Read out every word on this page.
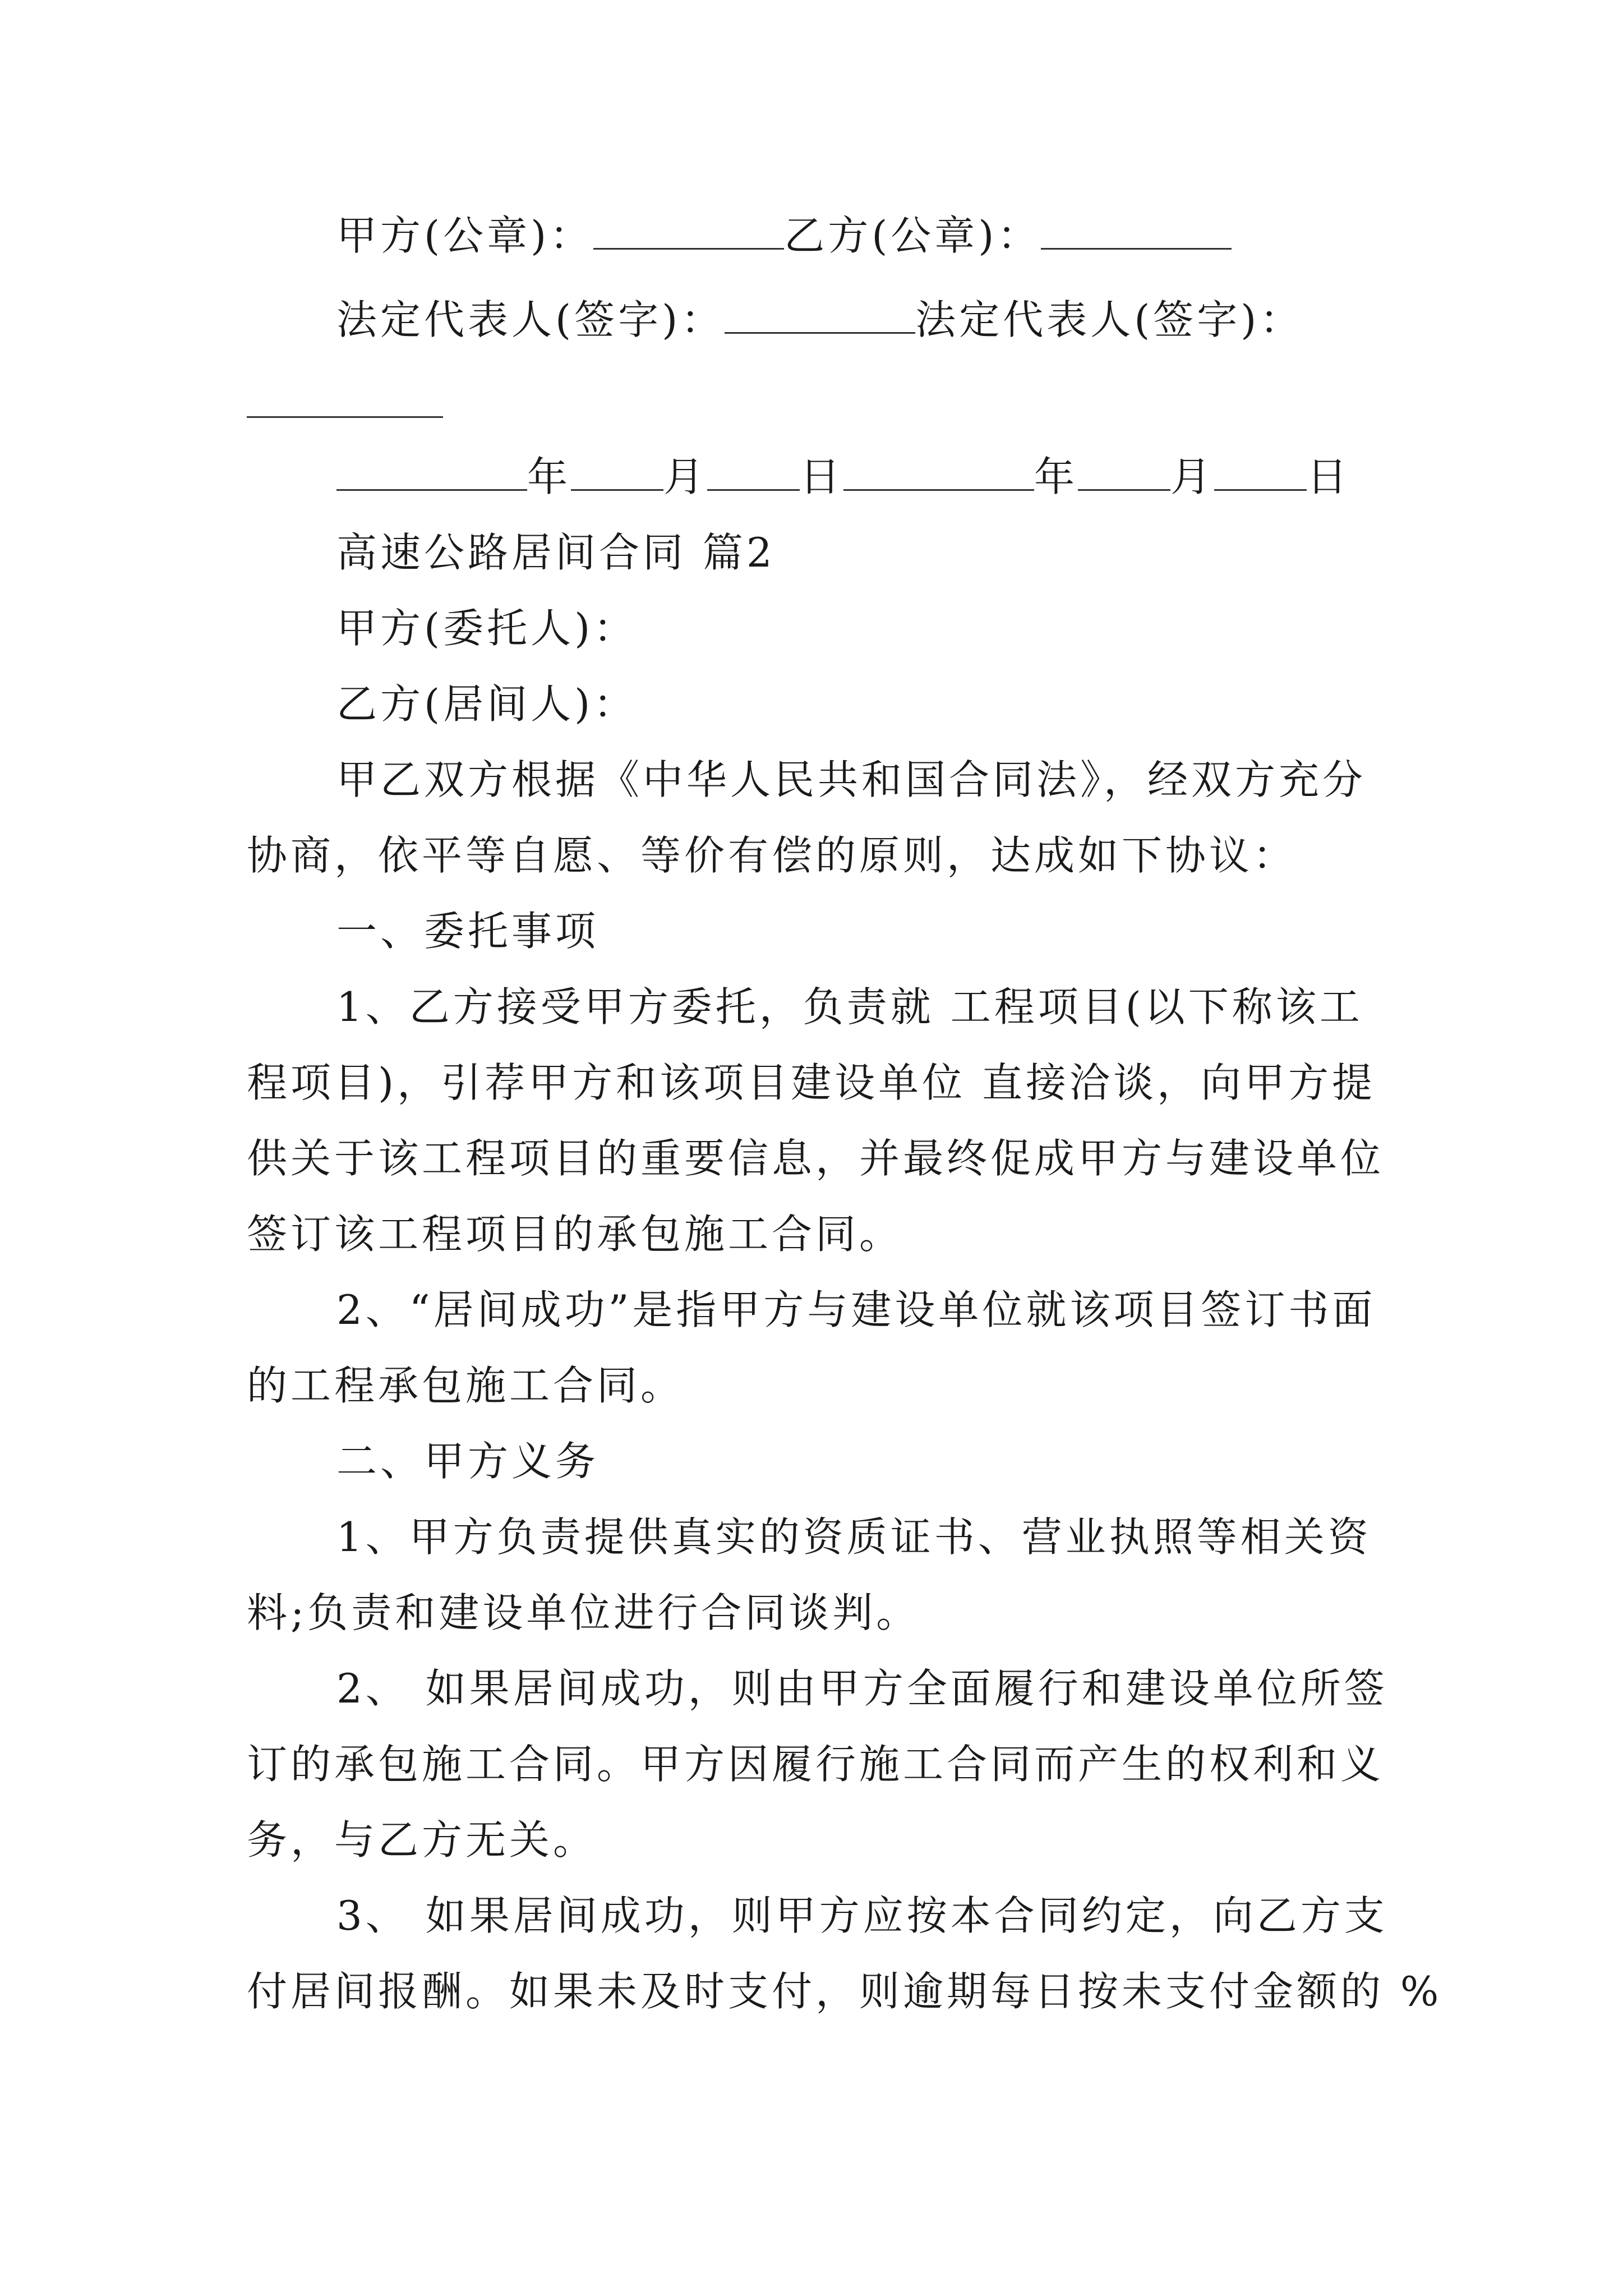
甲方(公章)：	乙方(公章)：
法定代表人(签字)：	法定代表人(签字)：
年 月 日	年 月 日
高速公路居间合同 篇2
甲方(委托人)：
乙方(居间人)：
甲乙双方根据《中华人民共和国合同法》，经双方充分
协商，依平等自愿、等价有偿的原则，达成如下协议：
一、委托事项
1、乙方接受甲方委托，负责就 工程项目(以下称该工
程项目)，引荐甲方和该项目建设单位 直接洽谈，向甲方提
供关于该工程项目的重要信息，并最终促成甲方与建设单位
签订该工程项目的承包施工合同。
2、“居间成功”是指甲方与建设单位就该项目签订书面
的工程承包施工合同。
二、甲方义务
1、甲方负责提供真实的资质证书、营业执照等相关资
料;负责和建设单位进行合同谈判。
2、 如果居间成功，则由甲方全面履行和建设单位所签
订的承包施工合同。甲方因履行施工合同而产生的权利和义
务，与乙方无关。
3、 如果居间成功，则甲方应按本合同约定，向乙方支
付居间报酬。如果未及时支付，则逾期每日按未支付金额的 %
